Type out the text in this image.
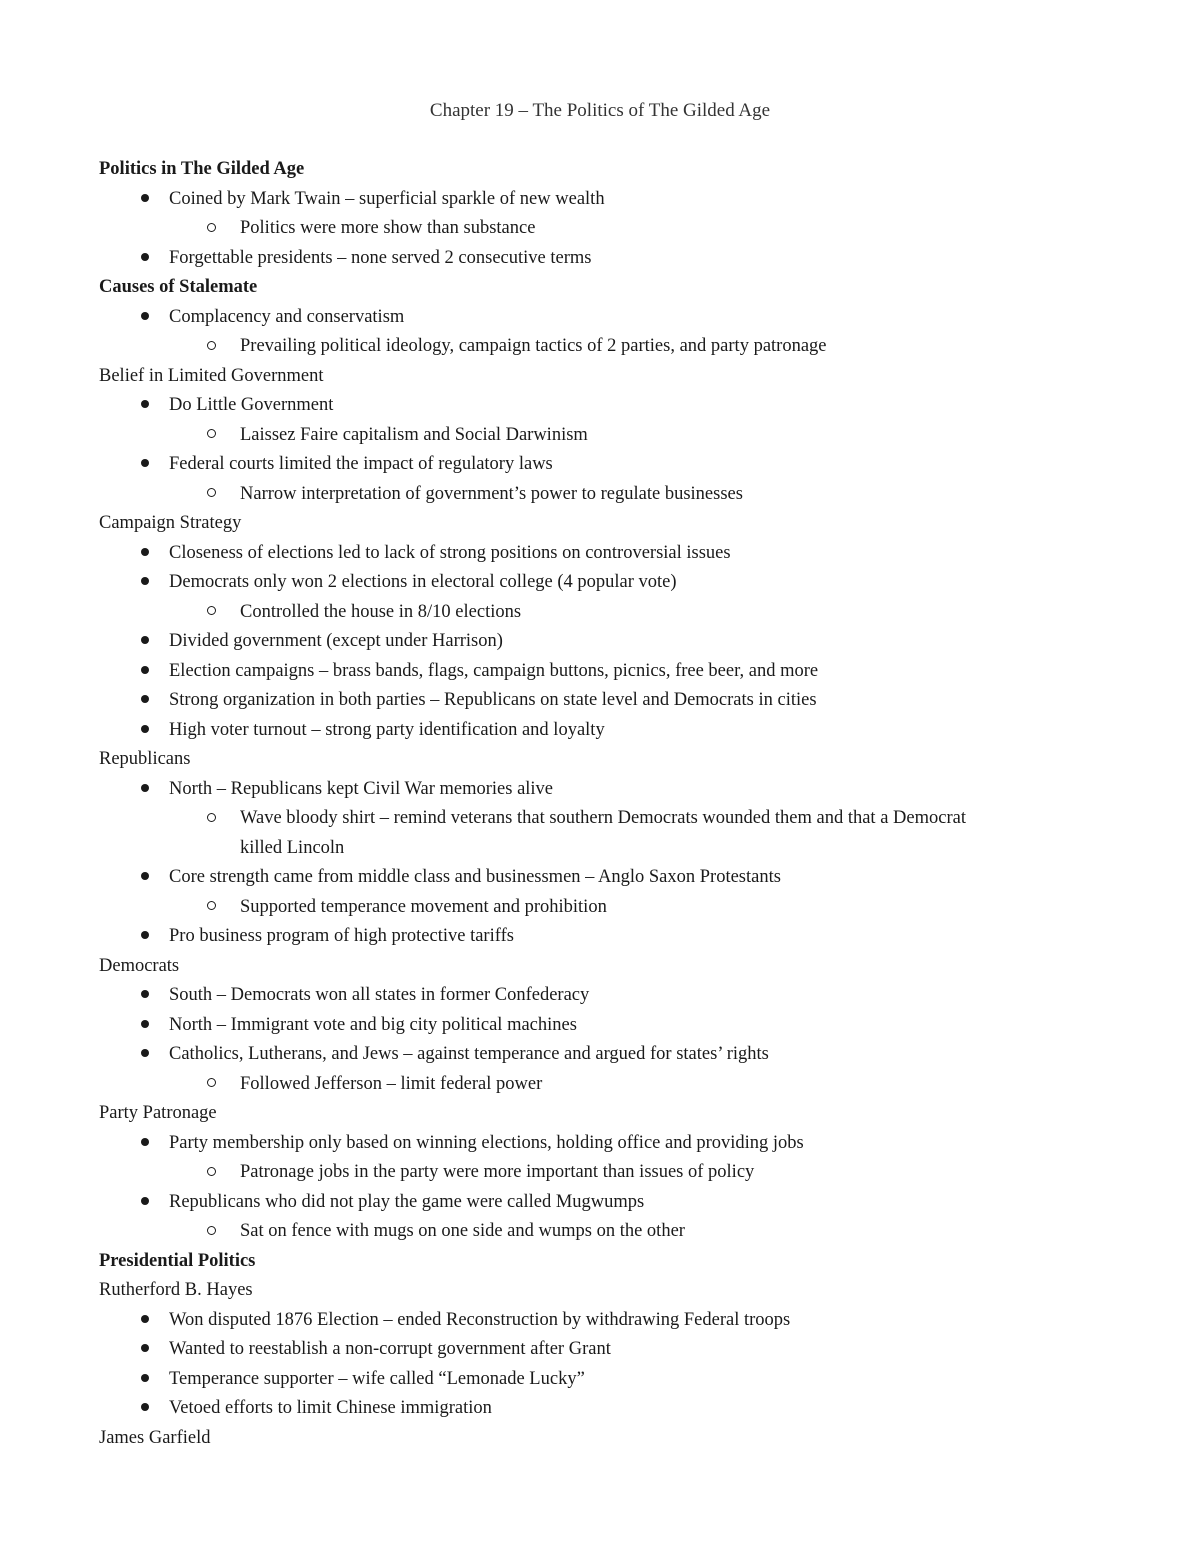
Chapter 19 – The Politics of The Gilded Age
Politics in The Gilded Age
Coined by Mark Twain – superficial sparkle of new wealth
Politics were more show than substance
Forgettable presidents – none served 2 consecutive terms
Causes of Stalemate
Complacency and conservatism
Prevailing political ideology, campaign tactics of 2 parties, and party patronage
Belief in Limited Government
Do Little Government
Laissez Faire capitalism and Social Darwinism
Federal courts limited the impact of regulatory laws
Narrow interpretation of government’s power to regulate businesses
Campaign Strategy
Closeness of elections led to lack of strong positions on controversial issues
Democrats only won 2 elections in electoral college (4 popular vote)
Controlled the house in 8/10 elections
Divided government (except under Harrison)
Election campaigns – brass bands, flags, campaign buttons, picnics, free beer, and more
Strong organization in both parties – Republicans on state level and Democrats in cities
High voter turnout – strong party identification and loyalty
Republicans
North – Republicans kept Civil War memories alive
Wave bloody shirt – remind veterans that southern Democrats wounded them and that a Democrat
killed Lincoln
Core strength came from middle class and businessmen – Anglo Saxon Protestants
Supported temperance movement and prohibition
Pro business program of high protective tariffs
Democrats
South – Democrats won all states in former Confederacy
North – Immigrant vote and big city political machines
Catholics, Lutherans, and Jews – against temperance and argued for states’ rights
Followed Jefferson – limit federal power
Party Patronage
Party membership only based on winning elections, holding office and providing jobs
Patronage jobs in the party were more important than issues of policy
Republicans who did not play the game were called Mugwumps
Sat on fence with mugs on one side and wumps on the other
Presidential Politics
Rutherford B. Hayes
Won disputed 1876 Election – ended Reconstruction by withdrawing Federal troops
Wanted to reestablish a non-corrupt government after Grant
Temperance supporter – wife called “Lemonade Lucky”
Vetoed efforts to limit Chinese immigration
James Garfield
